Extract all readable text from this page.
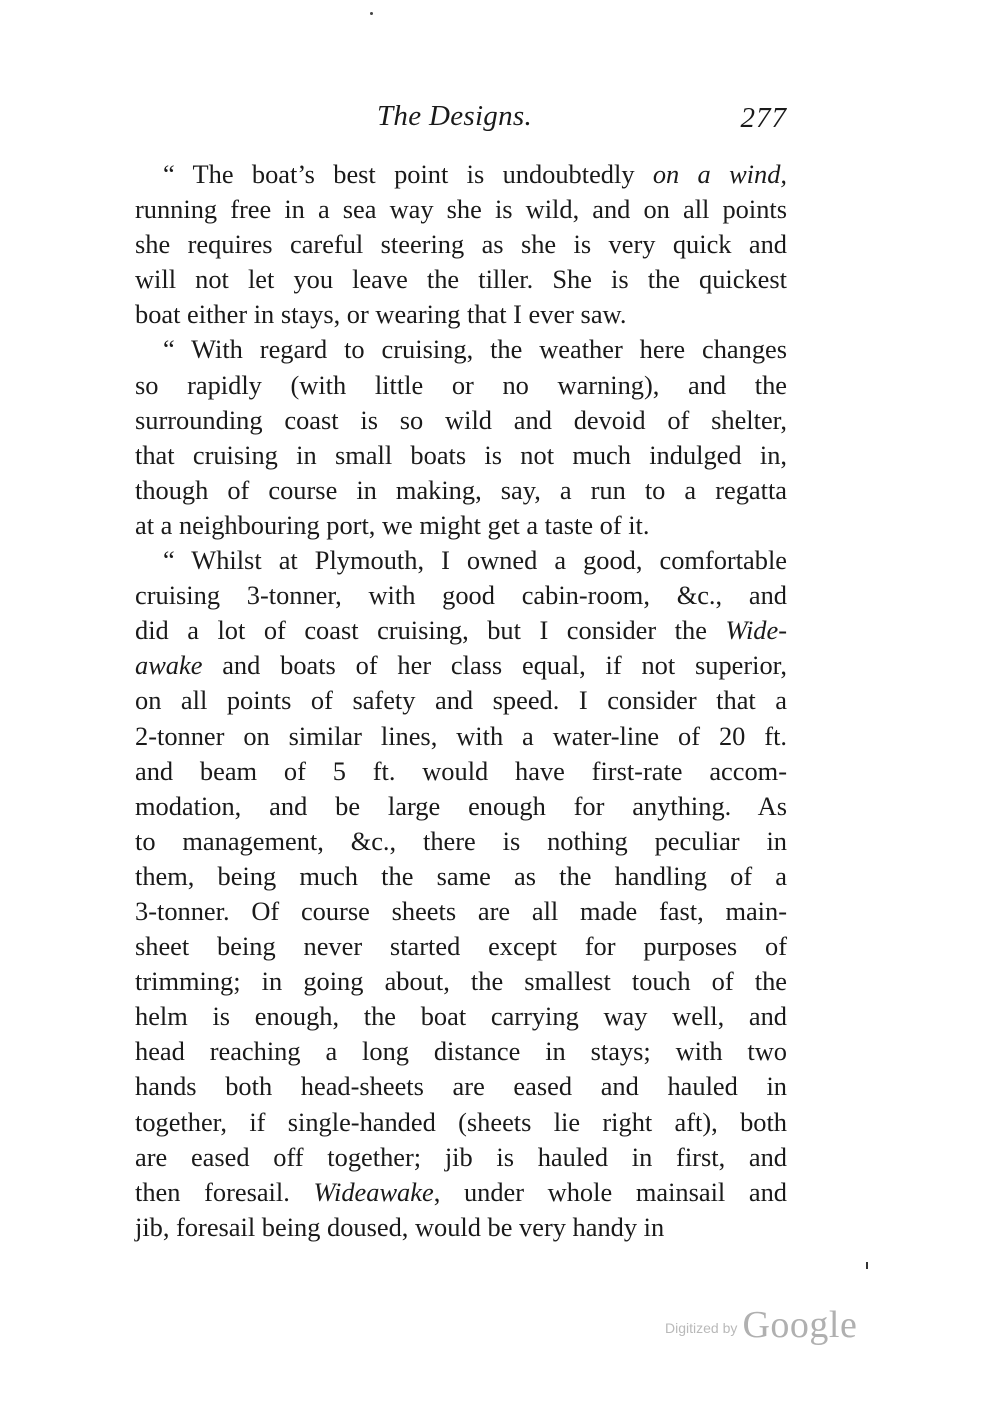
The Designs.	277
“ The boat’s best point is undoubtedly on a wind,
running free in a sea way she is wild, and on all points
she requires careful steering as she is very quick and
will not let you leave the tiller. She is the quickest
boat either in stays, or wearing that I ever saw.
“ With regard to cruising, the weather here changes
so rapidly (with little or no warning), and the
surrounding coast is so wild and devoid of shelter,
that cruising in small boats is not much indulged in,
though of course in making, say, a run to a regatta
at a neighbouring port, we might get a taste of it.
“ Whilst at Plymouth, I owned a good, comfortable
cruising 3-tonner, with good cabin-room, &c., and
did a lot of coast cruising, but I consider the Wide-
awake and boats of her class equal, if not superior,
on all points of safety and speed. I consider that a
2-tonner on similar lines, with a water-line of 20 ft.
and beam of 5 ft. would have first-rate accom-
modation, and be large enough for anything. As
to management, &c., there is nothing peculiar in
them, being much the same as the handling of a
3-tonner. Of course sheets are all made fast, main-
sheet being never started except for purposes of
trimming; in going about, the smallest touch of the
helm is enough, the boat carrying way well, and
head reaching a long distance in stays; with two
hands both head-sheets are eased and hauled in
together, if single-handed (sheets lie right aft), both
are eased off together; jib is hauled in first, and
then foresail. Wideawake, under whole mainsail and
jib, foresail being doused, would be very handy in
Digitized by Google
